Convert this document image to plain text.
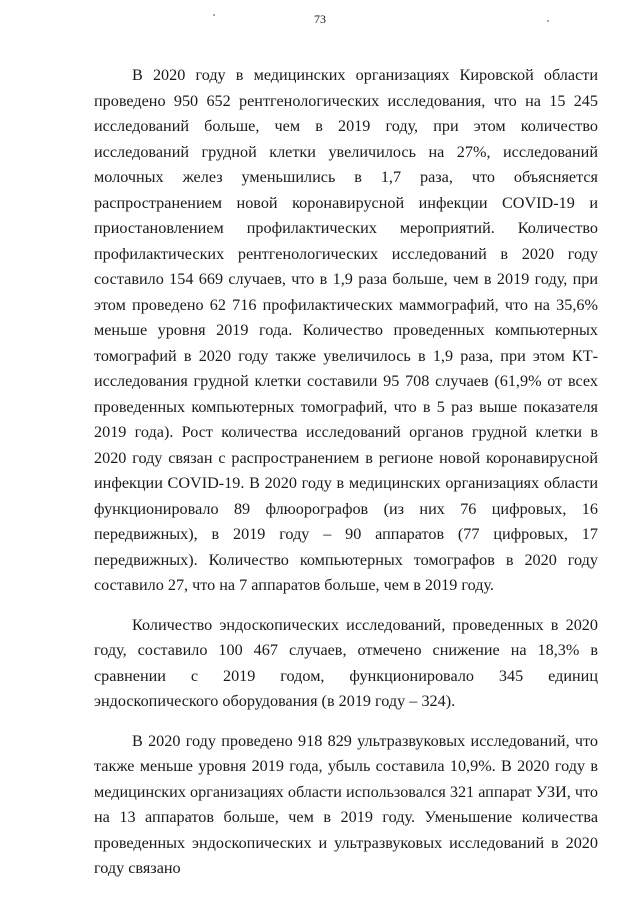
73

В 2020 году в медицинских организациях Кировской области проведено 950 652 рентгенологических исследования, что на 15 245 исследований больше, чем в 2019 году, при этом количество исследований грудной клетки увеличилось на 27%, исследований молочных желез уменьшились в 1,7 раза, что объясняется распространением новой коронавирусной инфекции COVID-19 и приостановлением профилактических мероприятий. Количество профилактических рентгенологических исследований в 2020 году составило 154 669 случаев, что в 1,9 раза больше, чем в 2019 году, при этом проведено 62 716 профилактических маммографий, что на 35,6% меньше уровня 2019 года. Количество проведенных компьютерных томографий в 2020 году также увеличилось в 1,9 раза, при этом КТ-исследования грудной клетки составили 95 708 случаев (61,9% от всех проведенных компьютерных томографий, что в 5 раз выше показателя 2019 года). Рост количества исследований органов грудной клетки в 2020 году связан с распространением в регионе новой коронавирусной инфекции COVID-19. В 2020 году в медицинских организациях области функционировало 89 флюорографов (из них 76 цифровых, 16 передвижных), в 2019 году – 90 аппаратов (77 цифровых, 17 передвижных). Количество компьютерных томографов в 2020 году составило 27, что на 7 аппаратов больше, чем в 2019 году.

Количество эндоскопических исследований, проведенных в 2020 году, составило 100 467 случаев, отмечено снижение на 18,3% в сравнении с 2019 годом, функционировало 345 единиц эндоскопического оборудования (в 2019 году – 324).

В 2020 году проведено 918 829 ультразвуковых исследований, что также меньше уровня 2019 года, убыль составила 10,9%. В 2020 году в медицинских организациях области использовался 321 аппарат УЗИ, что на 13 аппаратов больше, чем в 2019 году. Уменьшение количества проведенных эндоскопических и ультразвуковых исследований в 2020 году связано
